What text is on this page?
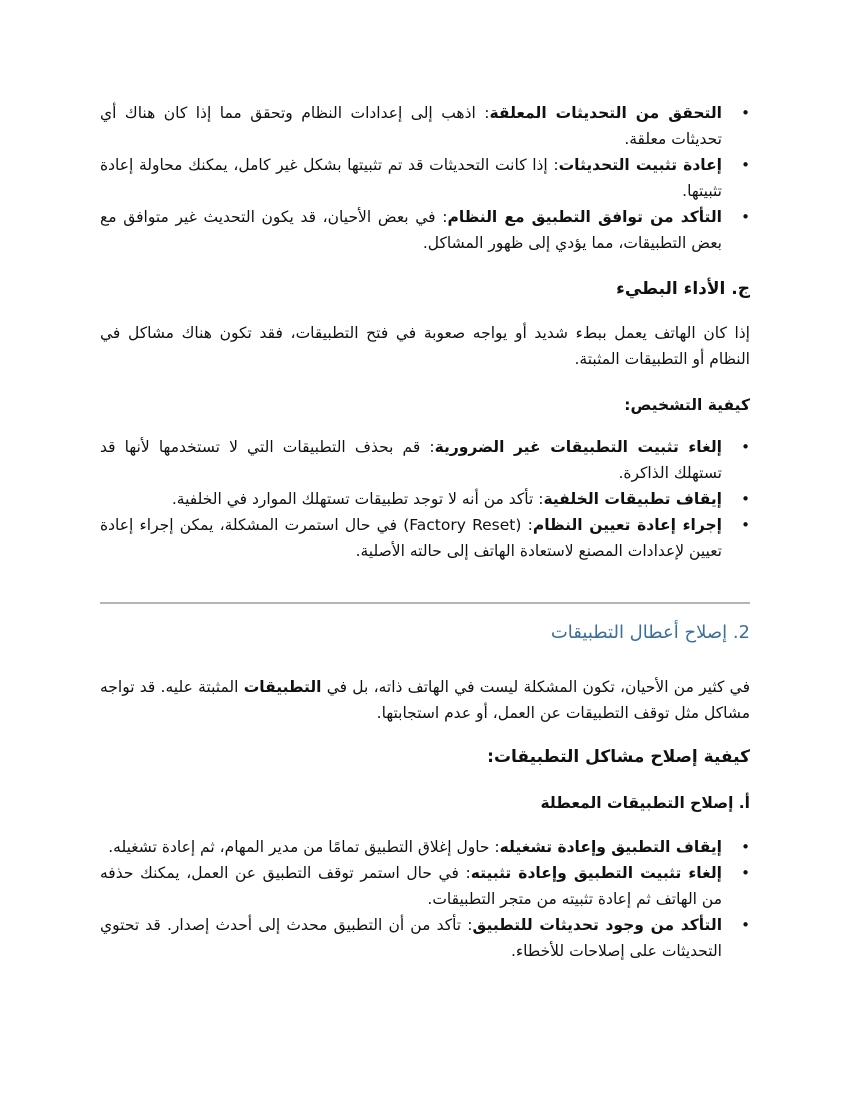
•
التحقق من التحديثات المعلقة: اذهب إلى إعدادات النظام وتحقق مما إذا كان هناك أي تحديثات معلقة.
•
إعادة تثبيت التحديثات: إذا كانت التحديثات قد تم تثبيتها بشكل غير كامل، يمكنك محاولة إعادة تثبيتها.
•
التأكد من توافق التطبيق مع النظام: في بعض الأحيان، قد يكون التحديث غير متوافق مع بعض التطبيقات، مما يؤدي إلى ظهور المشاكل.
ج. الأداء البطيء
إذا كان الهاتف يعمل ببطء شديد أو يواجه صعوبة في فتح التطبيقات، فقد تكون هناك مشاكل في النظام أو التطبيقات المثبتة.
كيفية التشخيص:
•
إلغاء تثبيت التطبيقات غير الضرورية: قم بحذف التطبيقات التي لا تستخدمها لأنها قد تستهلك الذاكرة.
•
إيقاف تطبيقات الخلفية: تأكد من أنه لا توجد تطبيقات تستهلك الموارد في الخلفية.
•
إجراء إعادة تعيين النظام: (Factory Reset) في حال استمرت المشكلة، يمكن إجراء إعادة تعيين لإعدادات المصنع لاستعادة الهاتف إلى حالته الأصلية.
2. إصلاح أعطال التطبيقات
في كثير من الأحيان، تكون المشكلة ليست في الهاتف ذاته، بل في التطبيقات المثبتة عليه. قد تواجه مشاكل مثل توقف التطبيقات عن العمل، أو عدم استجابتها.
كيفية إصلاح مشاكل التطبيقات:
أ. إصلاح التطبيقات المعطلة
•
إيقاف التطبيق وإعادة تشغيله: حاول إغلاق التطبيق تمامًا من مدير المهام، ثم إعادة تشغيله.
•
إلغاء تثبيت التطبيق وإعادة تثبيته: في حال استمر توقف التطبيق عن العمل، يمكنك حذفه من الهاتف ثم إعادة تثبيته من متجر التطبيقات.
•
التأكد من وجود تحديثات للتطبيق: تأكد من أن التطبيق محدث إلى أحدث إصدار. قد تحتوي التحديثات على إصلاحات للأخطاء.
